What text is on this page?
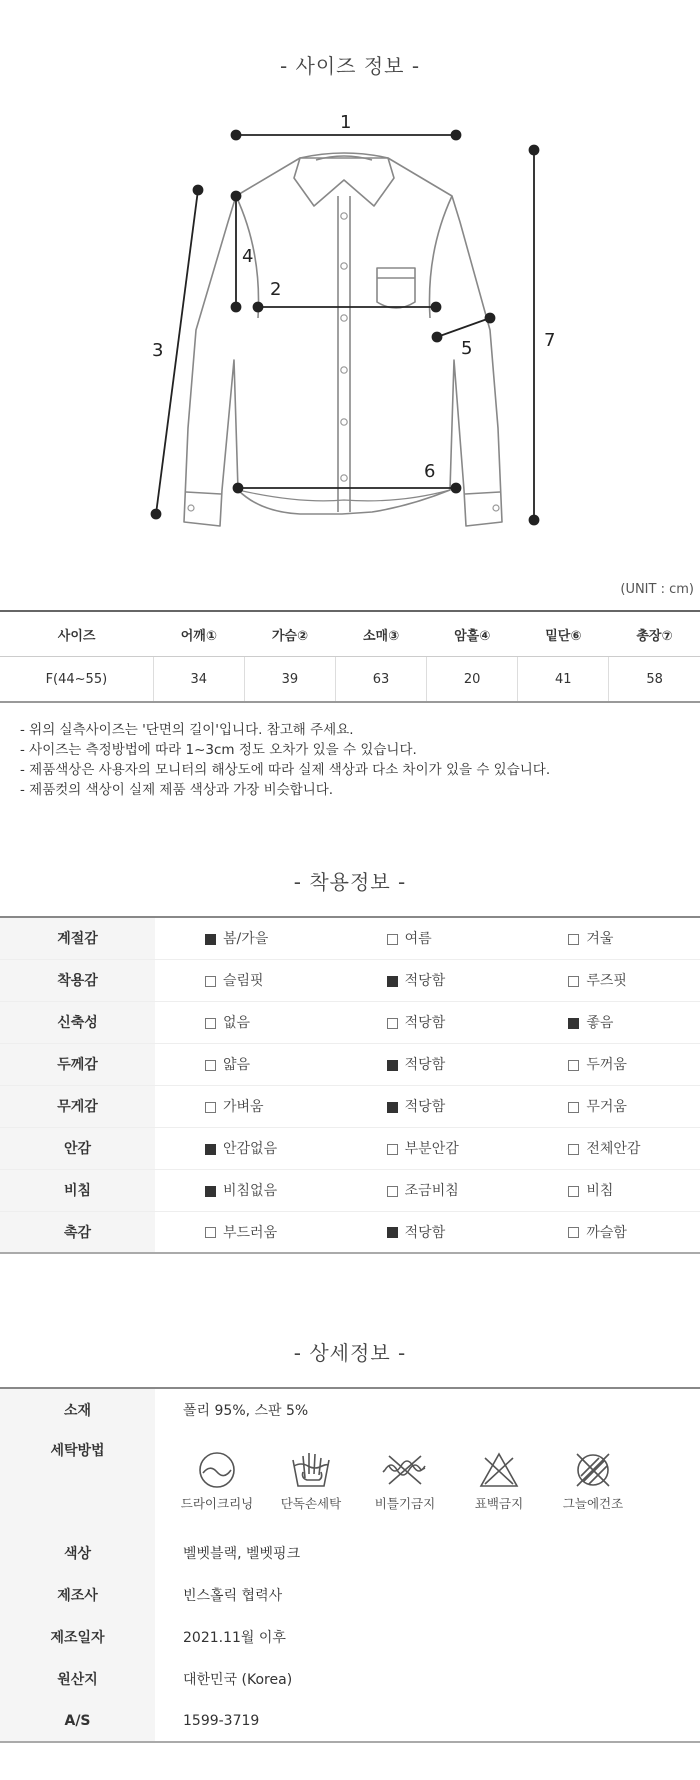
- 사이즈 정보 -
1
2
3
4
5
6
7
(UNIT : cm)
사이즈	어깨①	가슴②	소매③	암홀④	밑단⑥	총장⑦
F(44~55)	34	39	63	20	41	58
- 위의 실측사이즈는 '단면의 길이'입니다. 참고해 주세요.
- 사이즈는 측정방법에 따라 1~3cm 정도 오차가 있을 수 있습니다.
- 제품색상은 사용자의 모니터의 해상도에 따라 실제 색상과 다소 차이가 있을 수 있습니다.
- 제품컷의 색상이 실제 제품 색상과 가장 비슷합니다.
- 착용정보 -
계절감	봄/가을	여름	겨울
착용감	슬림핏	적당함	루즈핏
신축성	없음	적당함	좋음
두께감	얇음	적당함	두꺼움
무게감	가벼움	적당함	무거움
안감	안감없음	부분안감	전체안감
비침	비침없음	조금비침	비침
촉감	부드러움	적당함	까슬함
- 상세정보 -
소재	폴리 95%, 스판 5%
세탁방법	드라이크리닝 단독손세탁 비틀기금지 표백금지 그늘에건조

색상	벨벳블랙, 벨벳핑크
제조사	빈스홀릭 협력사
제조일자	2021.11월 이후
원산지	대한민국 (Korea)
A/S	1599-3719
